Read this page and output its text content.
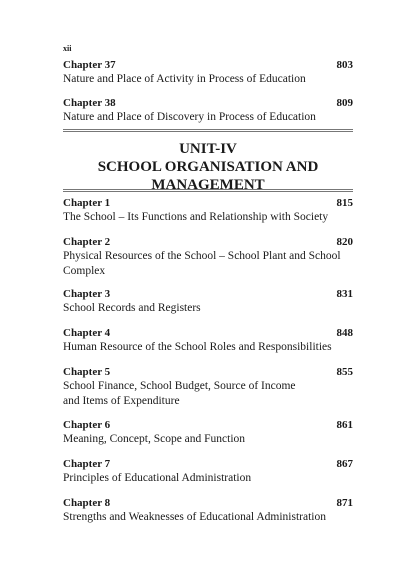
xii
Chapter 37	803
Nature and Place of Activity in Process of Education
Chapter 38	809
Nature and Place of Discovery in Process of Education
UNIT-IV
SCHOOL ORGANISATION AND
MANAGEMENT
Chapter 1	815
The School – Its Functions and Relationship with Society
Chapter 2	820
Physical Resources of the School – School Plant and School
Complex
Chapter 3	831
School Records and Registers
Chapter 4	848
Human Resource of the School Roles and Responsibilities
Chapter 5	855
School Finance, School Budget, Source of Income
and Items of Expenditure
Chapter 6	861
Meaning, Concept, Scope and Function
Chapter 7	867
Principles of Educational Administration
Chapter 8	871
Strengths and Weaknesses of Educational Administration
